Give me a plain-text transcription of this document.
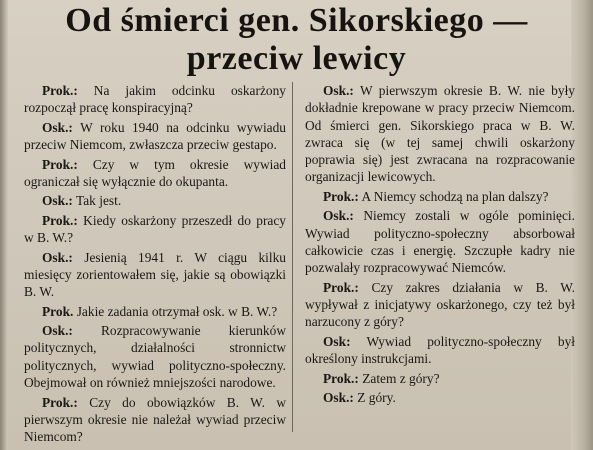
Od śmierci gen. Sikorskiego —
przeciw lewicy

Prok.: Na jakim odcinku oskarżony rozpoczął pracę konspiracyjną?

Osk.: W roku 1940 na odcinku wywiadu przeciw Niemcom, zwłaszcza przeciw gestapo.

Prok.: Czy w tym okresie wywiad ograniczał się wyłącznie do okupanta.

Osk.: Tak jest.

Prok.: Kiedy oskarżony przeszedł do pracy w B. W.?

Osk.: Jesienią 1941 r. W ciągu kilku miesięcy zorientowałem się, jakie są obowiązki B. W.

Prok. Jakie zadania otrzymał osk. w B. W.?

Osk.: Rozpracowywanie kierunków politycznych, działalności stronnictw politycznych, wywiad polityczno-społeczny. Obejmował on również mniejszości narodowe.

Prok.: Czy do obowiązków B. W. w pierwszym okresie nie należał wywiad przeciw Niemcom?

Osk.: W pierwszym okresie B. W. nie były dokładnie krepowane w pracy przeciw Niemcom. Od śmierci gen. Sikorskiego praca w B. W. zwraca się (w tej samej chwili oskarżony poprawia się) jest zwracana na rozpracowanie organizacji lewicowych.

Prok.: A Niemcy schodzą na plan dalszy?

Osk.: Niemcy zostali w ogóle pominięci. Wywiad polityczno-społeczny absorbował całkowicie czas i energię. Szczupłe kadry nie pozwalały rozpracowywać Niemców.

Prok.: Czy zakres działania w B. W. wypływał z inicjatywy oskarżonego, czy też był narzucony z góry?

Osk: Wywiad polityczno-społeczny był określony instrukcjami.

Prok.: Zatem z góry?

Osk.: Z góry.
